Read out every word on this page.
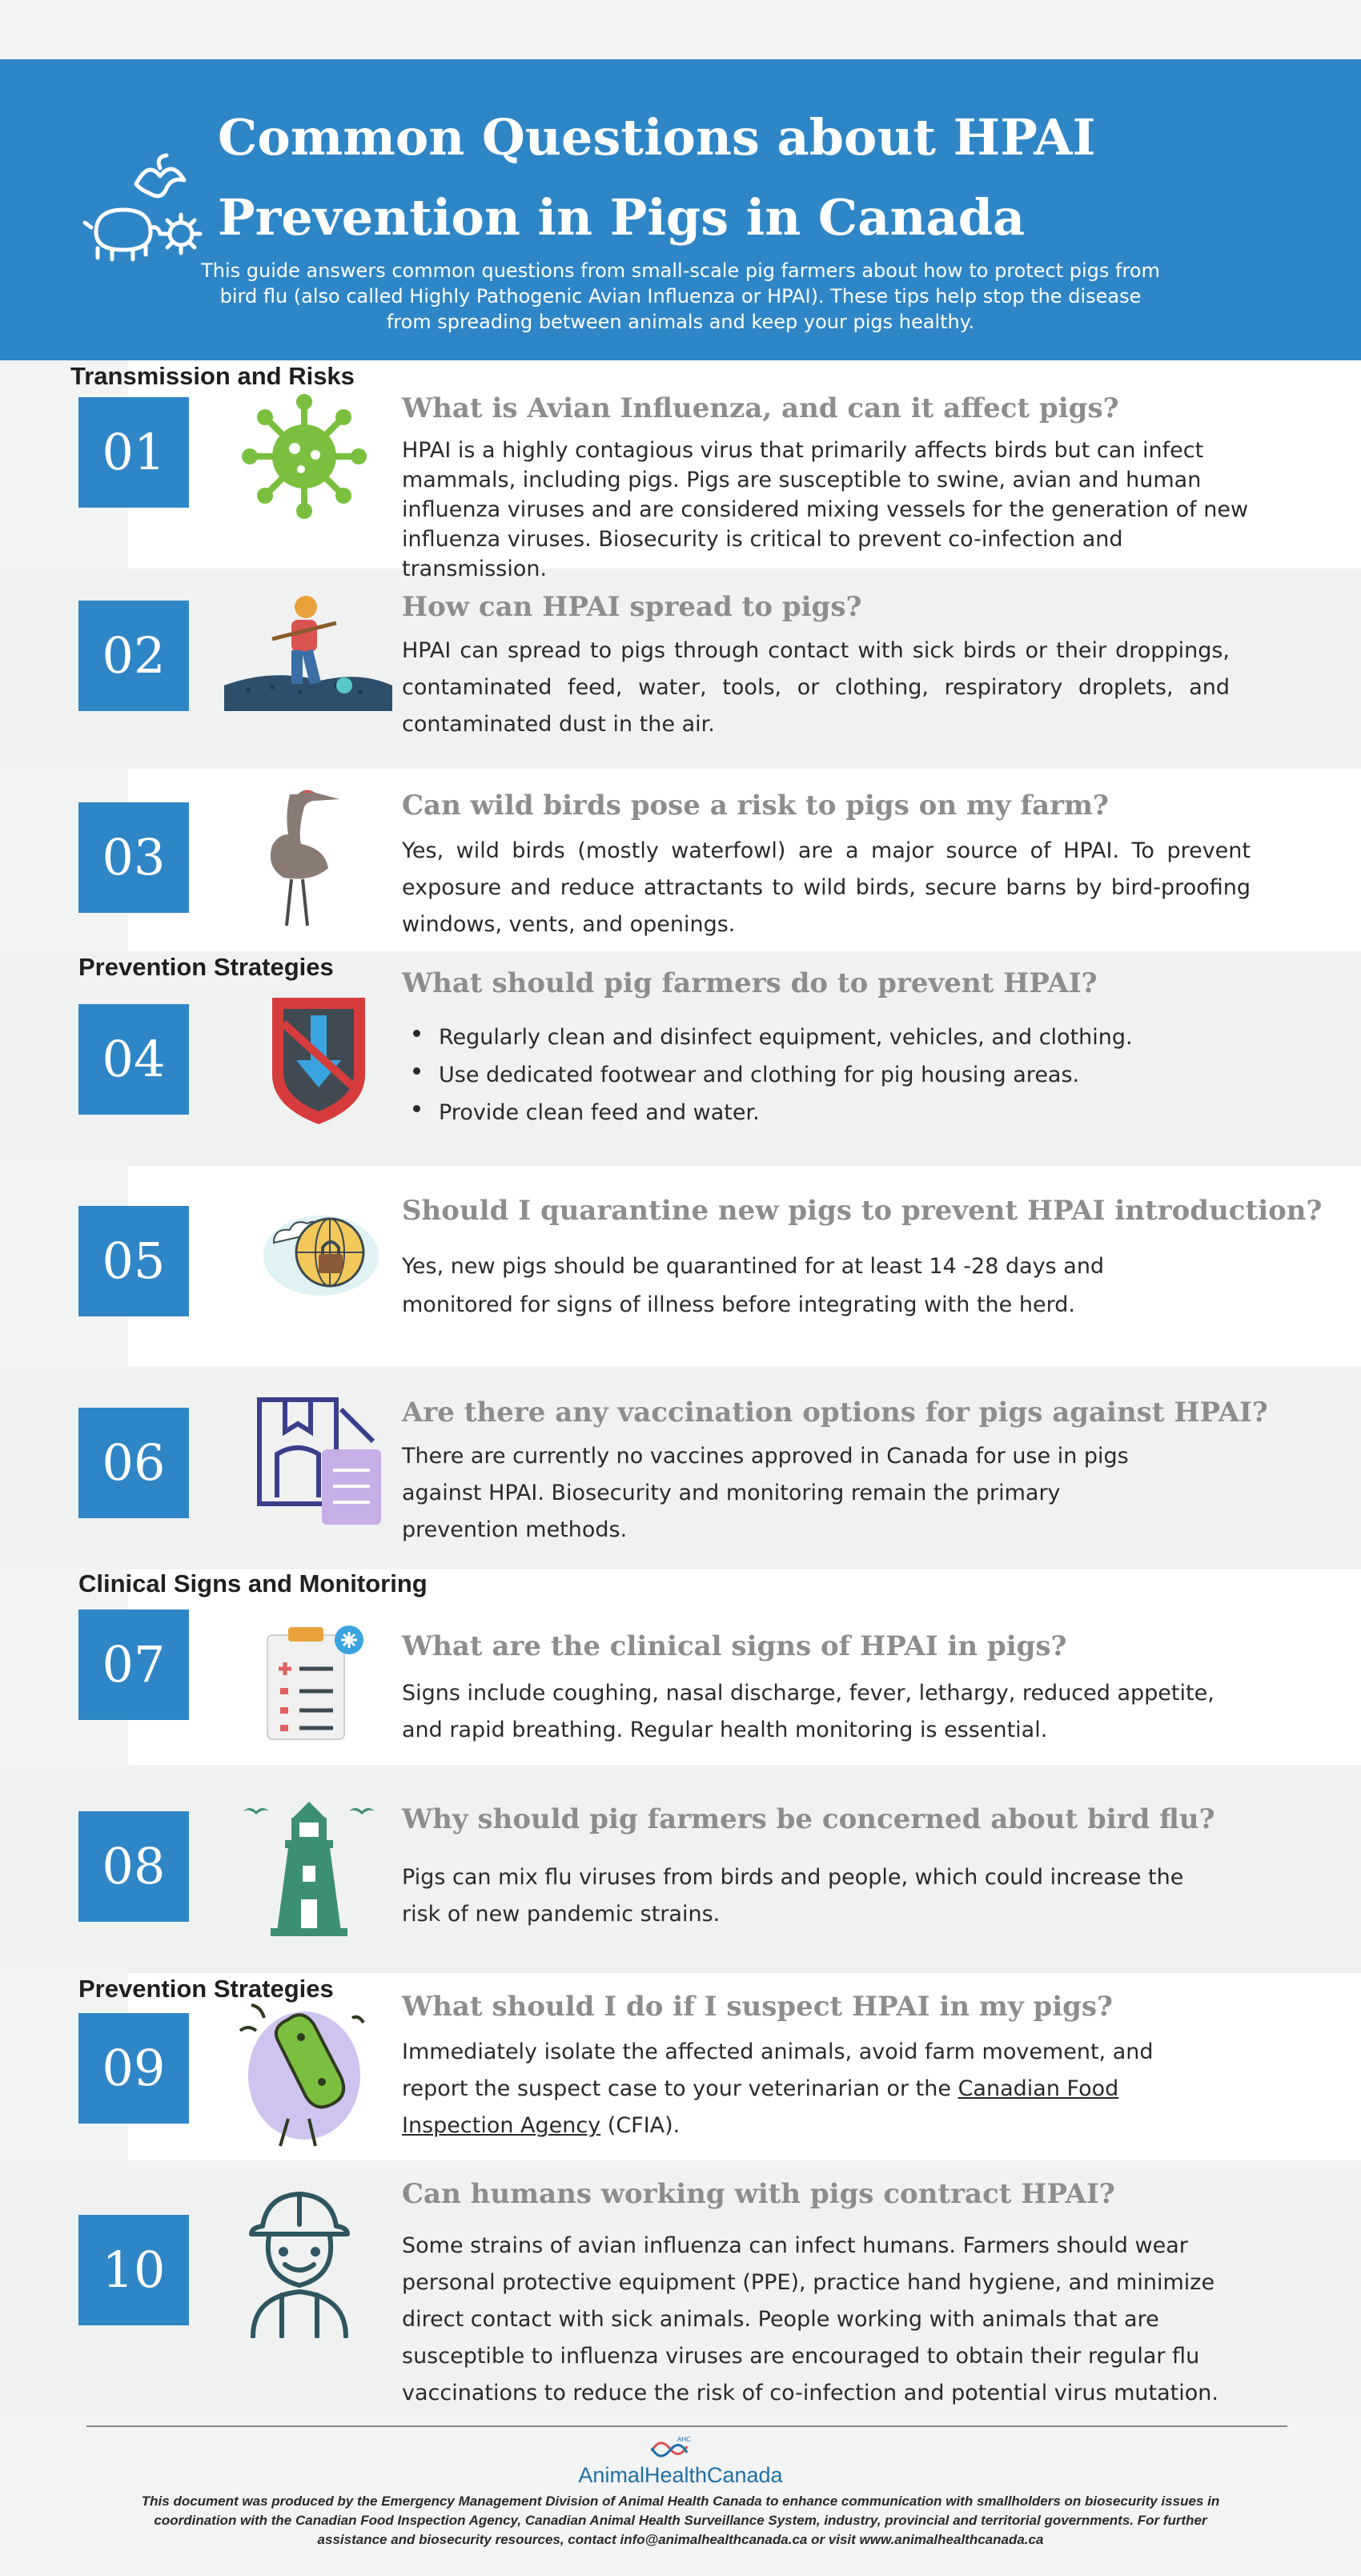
Common Questions about HPAI
Prevention in Pigs in Canada

This guide answers common questions from small-scale pig farmers about how to protect pigs from bird flu (also called Highly Pathogenic Avian Influenza or HPAI). These tips help stop the disease from spreading between animals and keep your pigs healthy.

Transmission and Risks
Prevention Strategies
Clinical Signs and Monitoring
Prevention Strategies
01
What is Avian Influenza, and can it affect pigs?

HPAI is a highly contagious virus that primarily affects birds but can infect mammals, including pigs. Pigs are susceptible to swine, avian and human influenza viruses and are considered mixing vessels for the generation of new influenza viruses. Biosecurity is critical to prevent co-infection and transmission.

02
How can HPAI spread to pigs?

HPAI can spread to pigs through contact with sick birds or their droppings, contaminated feed, water, tools, or clothing, respiratory droplets, and contaminated dust in the air.

03
Can wild birds pose a risk to pigs on my farm?

Yes, wild birds (mostly waterfowl) are a major source of HPAI. To prevent exposure and reduce attractants to wild birds, secure barns by bird-proofing windows, vents, and openings.

04
What should pig farmers do to prevent HPAI?
Regularly clean and disinfect equipment, vehicles, and clothing.
Use dedicated footwear and clothing for pig housing areas.
Provide clean feed and water.
05
Should I quarantine new pigs to prevent HPAI introduction?

Yes, new pigs should be quarantined for at least 14 -28 days and monitored for signs of illness before integrating with the herd.

06
Are there any vaccination options for pigs against HPAI?

There are currently no vaccines approved in Canada for use in pigs against HPAI. Biosecurity and monitoring remain the primary prevention methods.

07	What are the clinical signs of HPAI in pigs?

Signs include coughing, nasal discharge, fever, lethargy, reduced appetite, and rapid breathing. Regular health monitoring is essential.

08
Why should pig farmers be concerned about bird flu?

Pigs can mix flu viruses from birds and people, which could increase the risk of new pandemic strains.

09
What should I do if I suspect HPAI in my pigs?

Immediately isolate the affected animals, avoid farm movement, and report the suspect case to your veterinarian or the Canadian Food Inspection Agency (CFIA).

10
Can humans working with pigs contract HPAI?

Some strains of avian influenza can infect humans. Farmers should wear personal protective equipment (PPE), practice hand hygiene, and minimize direct contact with sick animals. People working with animals that are susceptible to influenza viruses are encouraged to obtain their regular flu vaccinations to reduce the risk of co-infection and potential virus mutation.

AHC
AnimalHealthCanada

This document was produced by the Emergency Management Division of Animal Health Canada to enhance communication with smallholders on biosecurity issues in coordination with the Canadian Food Inspection Agency, Canadian Animal Health Surveillance System, industry, provincial and territorial governments. For further assistance and biosecurity resources, contact info@animalhealthcanada.ca or visit www.animalhealthcanada.ca
